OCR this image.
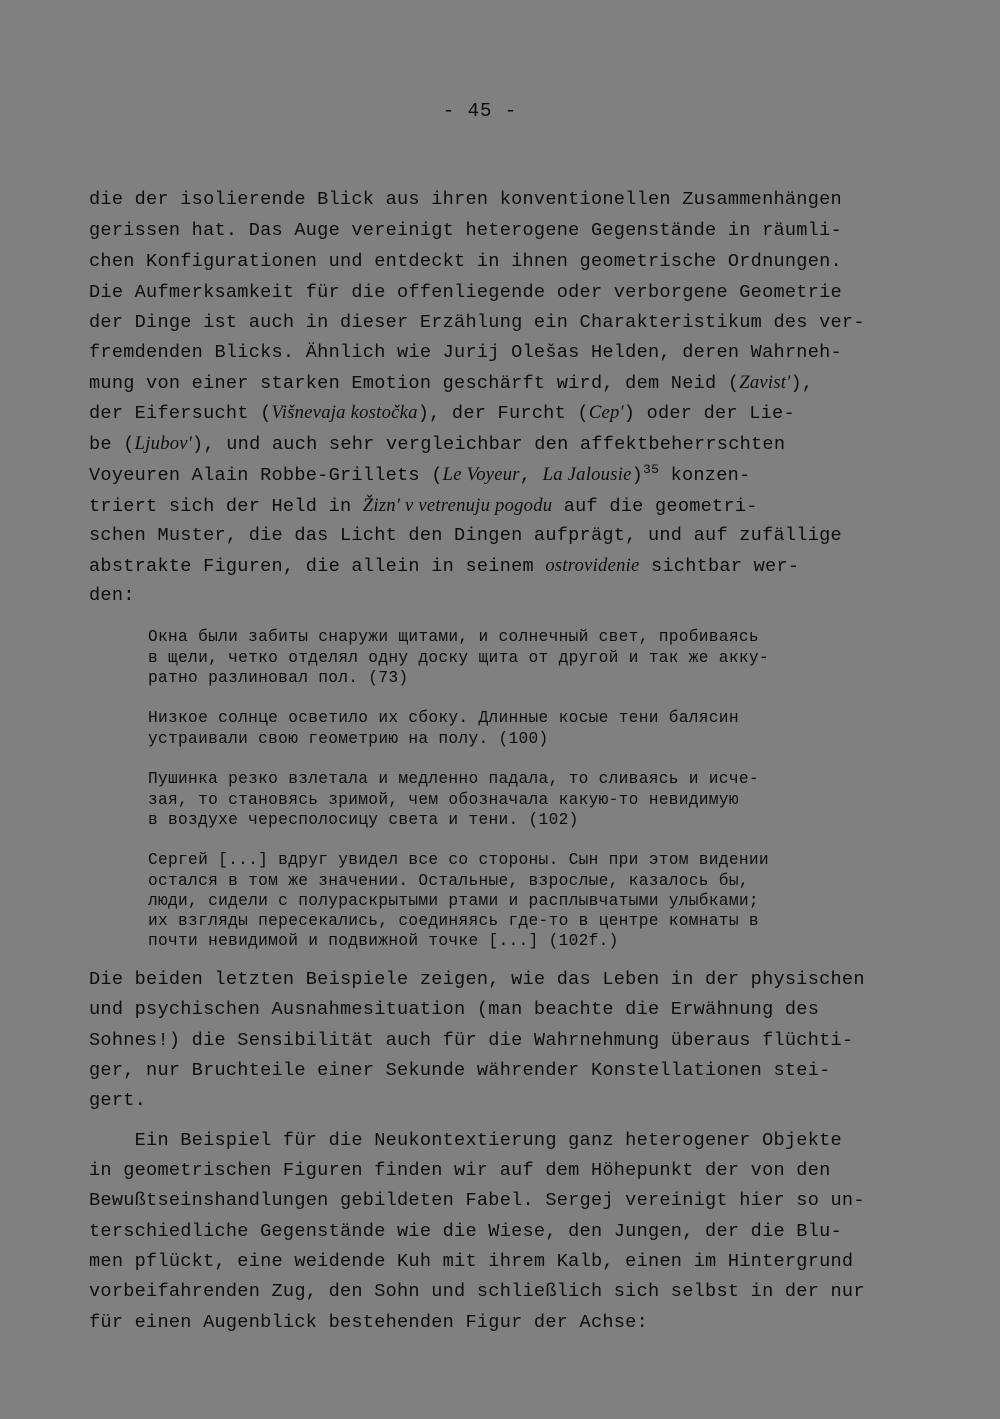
- 45 -
die der isolierende Blick aus ihren konventionellen Zusammenhängen
gerissen hat. Das Auge vereinigt heterogene Gegenstände in räumli-
chen Konfigurationen und entdeckt in ihnen geometrische Ordnungen.
Die Aufmerksamkeit für die offenliegende oder verborgene Geometrie
der Dinge ist auch in dieser Erzählung ein Charakteristikum des ver-
fremdenden Blicks. Ähnlich wie Jurij Olešas Helden, deren Wahrneh-
mung von einer starken Emotion geschärft wird, dem Neid (Zavist'),
der Eifersucht (Višnevaja kostočka), der Furcht (Cep') oder der Lie-
be (Ljubov'), und auch sehr vergleichbar den affektbeherrschten
Voyeuren Alain Robbe-Grillets (Le Voyeur, La Jalousie)$^{35}$ konzen-
triert sich der Held in Žizn' v vetrenuju pogodu auf die geometri-
schen Muster, die das Licht den Dingen aufprägt, und auf zufällige
abstrakte Figuren, die allein in seinem ostrovidenie sichtbar wer-
den:
Окна были забиты снаружи щитами, и солнечный свет, пробиваясь
в щели, четко отделял одну доску щита от другой и так же акку-
ратно разлиновал пол. (73)
Низкое солнце осветило их сбоку. Длинные косые тени балясин
устраивали свою геометрию на полу. (100)
Пушинка резко взлетала и медленно падала, то сливаясь и исче-
зая, то становясь зримой, чем обозначала какую-то невидимую
в воздухе чересполосицу света и тени. (102)
Сергей [...] вдруг увидел все со стороны. Сын при этом видении
остался в том же значении. Остальные, взрослые, казалось бы,
люди, сидели с полураскрытыми ртами и расплывчатыми улыбками;
их взгляды пересекались, соединяясь где-то в центре комнаты в
почти невидимой и подвижной точке [...] (102f.)
Die beiden letzten Beispiele zeigen, wie das Leben in der physischen
und psychischen Ausnahmesituation (man beachte die Erwähnung des
Sohnes!) die Sensibilität auch für die Wahrnehmung überaus flüchti-
ger, nur Bruchteile einer Sekunde währender Konstellationen stei-
gert.
Ein Beispiel für die Neukontextierung ganz heterogener Objekte
in geometrischen Figuren finden wir auf dem Höhepunkt der von den
Bewußtseinshandlungen gebildeten Fabel. Sergej vereinigt hier so un-
terschiedliche Gegenstände wie die Wiese, den Jungen, der die Blu-
men pflückt, eine weidende Kuh mit ihrem Kalb, einen im Hintergrund
vorbeifahrenden Zug, den Sohn und schließlich sich selbst in der nur
für einen Augenblick bestehenden Figur der Achse:
